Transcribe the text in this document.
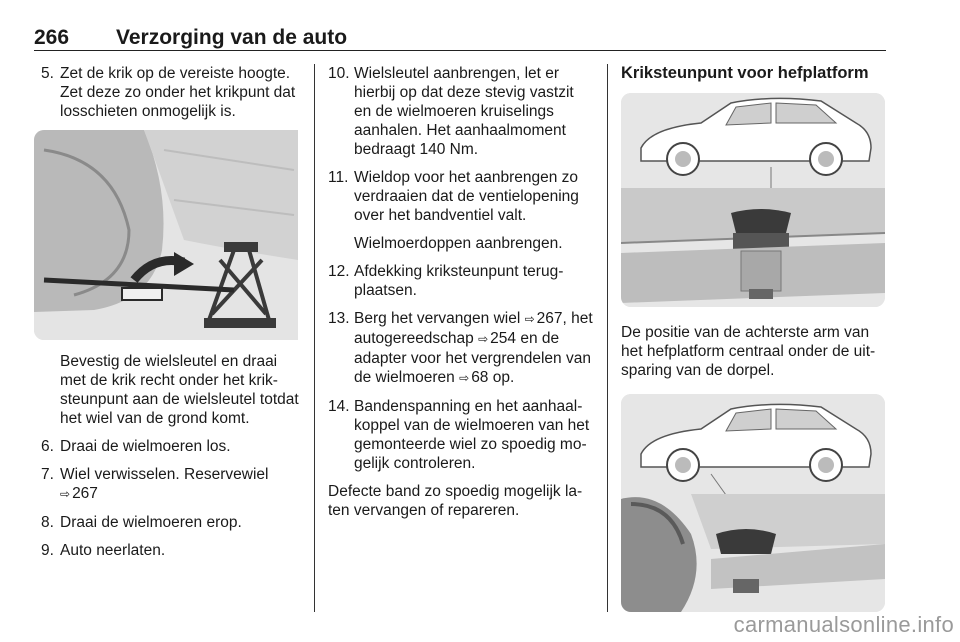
266 Verzorging van de auto
5. Zet de krik op de vereiste hoogte. Zet deze zo onder het krikpunt dat losschieten onmogelijk is.
Bevestig de wielsleutel en draai met de krik recht onder het kriksteunpunt aan de wielsleutel totdat het wiel van de grond komt.
6. Draai de wielmoeren los.
7. Wiel verwisselen. Reservewiel
⇨ 267
8. Draai de wielmoeren erop.
9. Auto neerlaten.
10. Wielsleutel aanbrengen, let er hierbij op dat deze stevig vastzit en de wielmoeren kruiselings aanhalen. Het aanhaalmoment bedraagt 140 Nm.
11. Wieldop voor het aanbrengen zo verdraaien dat de ventielopening over het bandventiel valt.
Wielmoerdoppen aanbrengen.
12. Afdekking kriksteunpunt terugplaatsen.
13. Berg het vervangen wiel ⇨ 267, het autogereedschap ⇨ 254 en de adapter voor het vergrendelen van de wielmoeren ⇨ 68 op.
14. Bandenspanning en het aanhaalkoppel van de wielmoeren van het gemonteerde wiel zo spoedig mogelijk controleren.
Defecte band zo spoedig mogelijk laten vervangen of repareren.
Kriksteunpunt voor hefplatform
De positie van de achterste arm van het hefplatform centraal onder de uitsparing van de dorpel.
carmanualsonline.info
